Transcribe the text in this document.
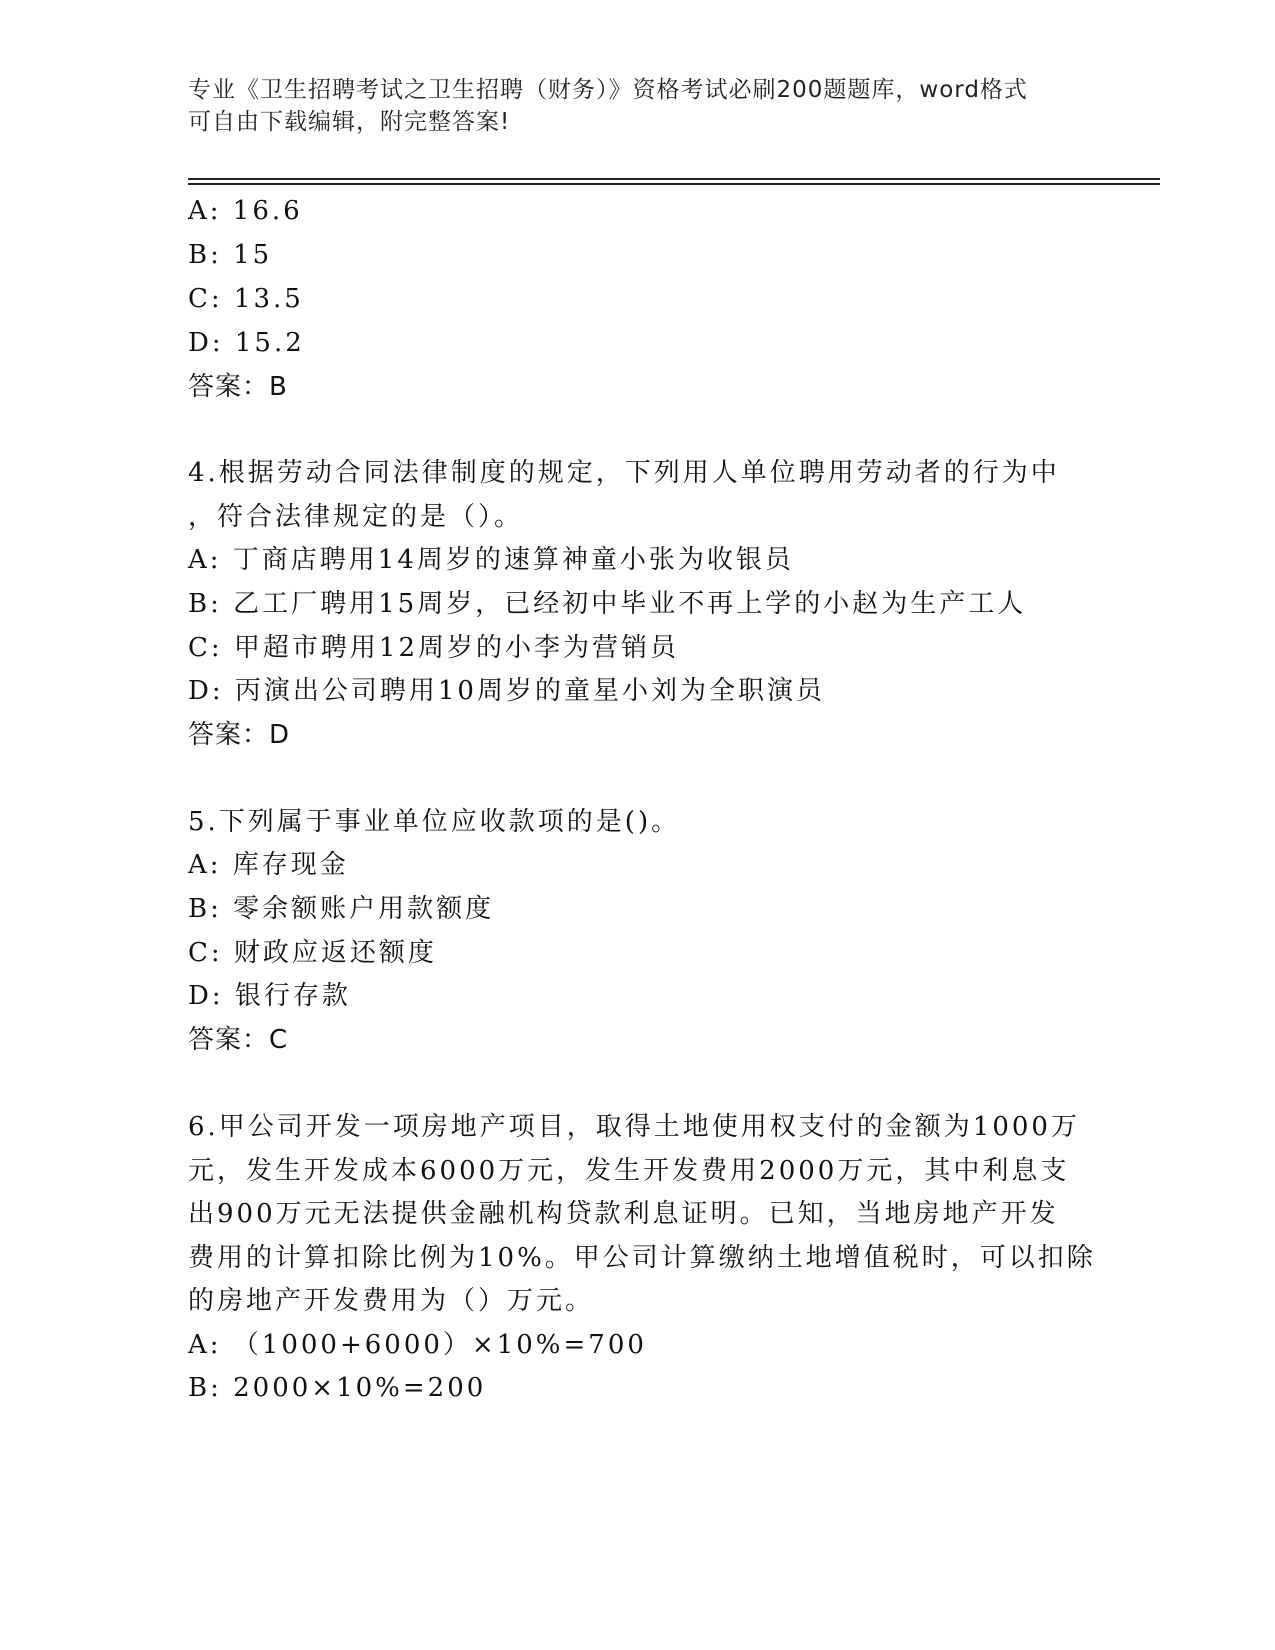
专业《卫生招聘考试之卫生招聘（财务）》资格考试必刷200题题库，word格式
可自由下载编辑，附完整答案!
A: 16.6
B: 15
C: 13.5
D: 15.2
答案：B
4.根据劳动合同法律制度的规定，下列用人单位聘用劳动者的行为中
，符合法律规定的是（）。
A: 丁商店聘用14周岁的速算神童小张为收银员
B: 乙工厂聘用15周岁，已经初中毕业不再上学的小赵为生产工人
C: 甲超市聘用12周岁的小李为营销员
D: 丙演出公司聘用10周岁的童星小刘为全职演员
答案：D
5.下列属于事业单位应收款项的是()。
A: 库存现金
B: 零余额账户用款额度
C: 财政应返还额度
D: 银行存款
答案：C
6.甲公司开发一项房地产项目，取得土地使用权支付的金额为1000万
元，发生开发成本6000万元，发生开发费用2000万元，其中利息支
出900万元无法提供金融机构贷款利息证明。已知，当地房地产开发
费用的计算扣除比例为10%。甲公司计算缴纳土地增值税时，可以扣除
的房地产开发费用为（）万元。
A: （1000+6000）×10%=700
B: 2000×10%=200
